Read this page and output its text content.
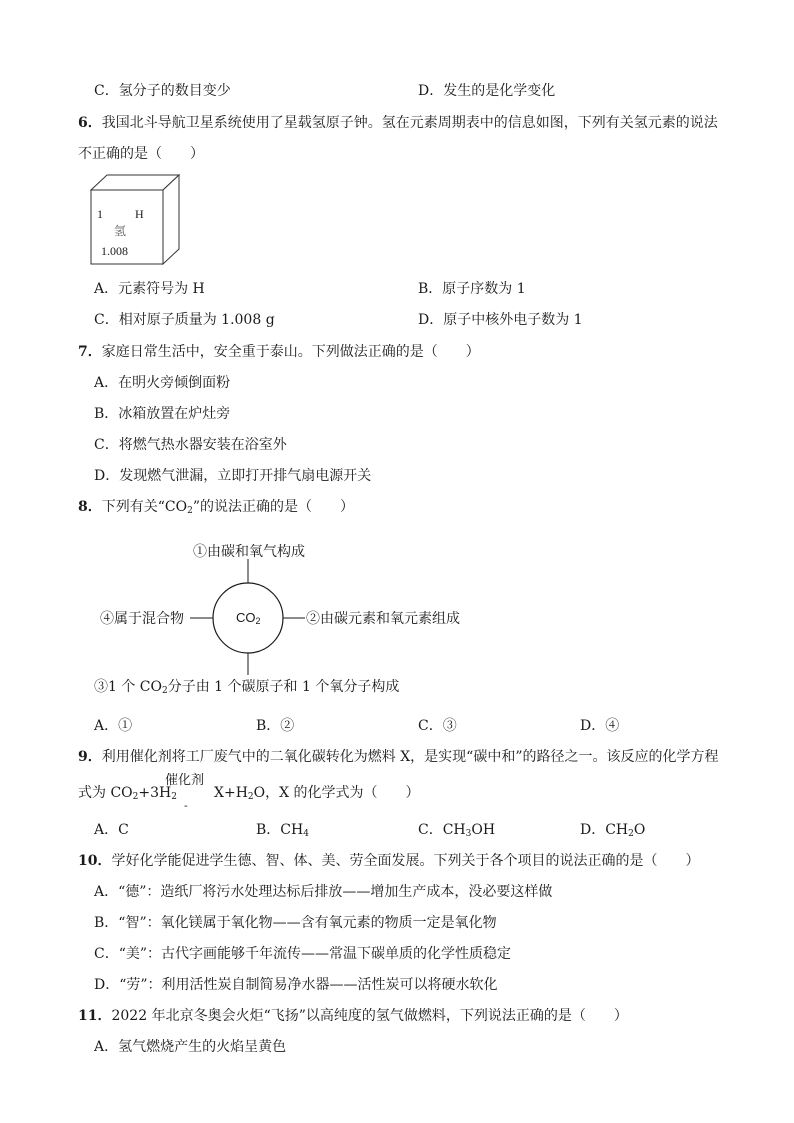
C．氢分子的数目变少	D．发生的是化学变化
6．我国北斗导航卫星系统使用了星载氢原子钟。氢在元素周期表中的信息如图，下列有关氢元素的说法
不正确的是（　　）
1	H
氢
1.008
A．元素符号为 H	B．原子序数为 1
C．相对原子质量为 1.008 g	D．原子中核外电子数为 1
7．家庭日常生活中，安全重于泰山。下列做法正确的是（　　）
A．在明火旁倾倒面粉
B．冰箱放置在炉灶旁
C．将燃气热水器安装在浴室外
D．发现燃气泄漏，立即打开排气扇电源开关
8．下列有关“$CO_2$”的说法正确的是（　　）
$CO_2$
①由碳和氧气构成
④属于混合物	②由碳元素和氧元素组成
③1 个 $CO_2$分子由 1 个碳原子和 1 个氧分子构成
A．①	B．②	C．③	D．④
9．利用催化剂将工厂废气中的二氧化碳转化为燃料 X，是实现“碳中和”的路径之一。该反应的化学方程
式为 $CO_2+3H_2$
催化剂
-
$X+H_2O$，X 的化学式为（　　）
A．C	B．$CH_4$	C．$CH_3OH$	D．$CH_2O$
10．学好化学能促进学生德、智、体、美、劳全面发展。下列关于各个项目的说法正确的是（　　）
A．“德”：造纸厂将污水处理达标后排放——增加生产成本，没必要这样做
B．“智”：氧化镁属于氧化物——含有氧元素的物质一定是氧化物
C．“美”：古代字画能够千年流传——常温下碳单质的化学性质稳定
D．“劳”：利用活性炭自制简易净水器——活性炭可以将硬水软化
11．2022 年北京冬奥会火炬“飞扬”以高纯度的氢气做燃料，下列说法正确的是（　　）
A．氢气燃烧产生的火焰呈黄色
